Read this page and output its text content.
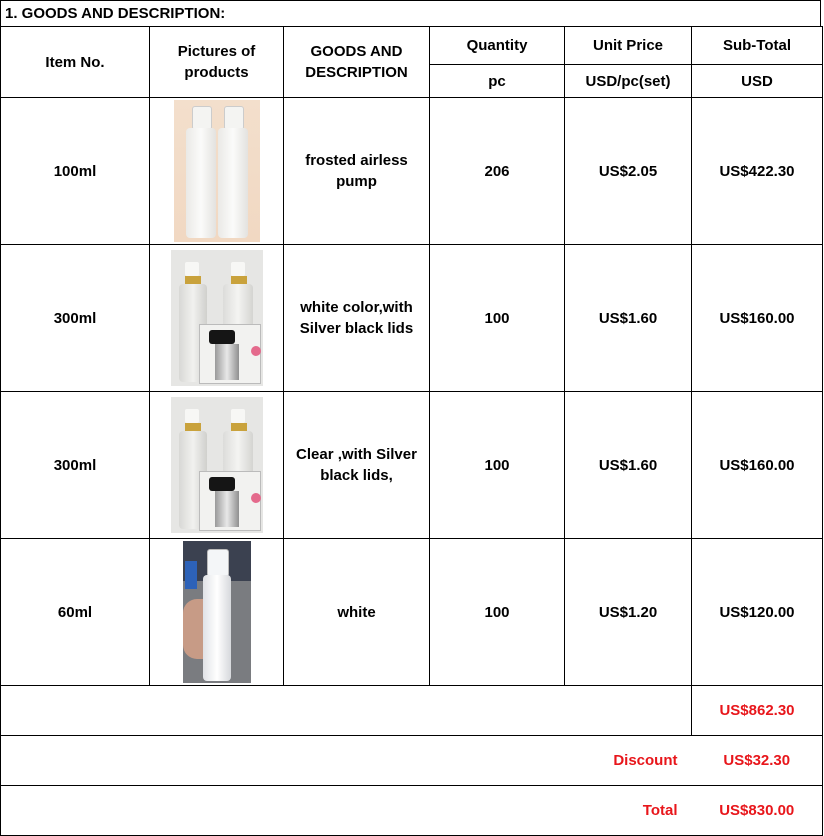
1. GOODS AND DESCRIPTION:
Item No.	Pictures of products	GOODS AND DESCRIPTION	Quantity	Unit Price	Sub-Total
			pc	USD/pc(set)	USD
100ml		frosted airless pump	206	US$2.05	US$422.30
300ml		white color,with Silver black lids	100	US$1.60	US$160.00
300ml		Clear ,with Silver black lids,	100	US$1.60	US$160.00
60ml		white	100	US$1.20	US$120.00
					US$862.30
Discount					US$32.30
Total					US$830.00
